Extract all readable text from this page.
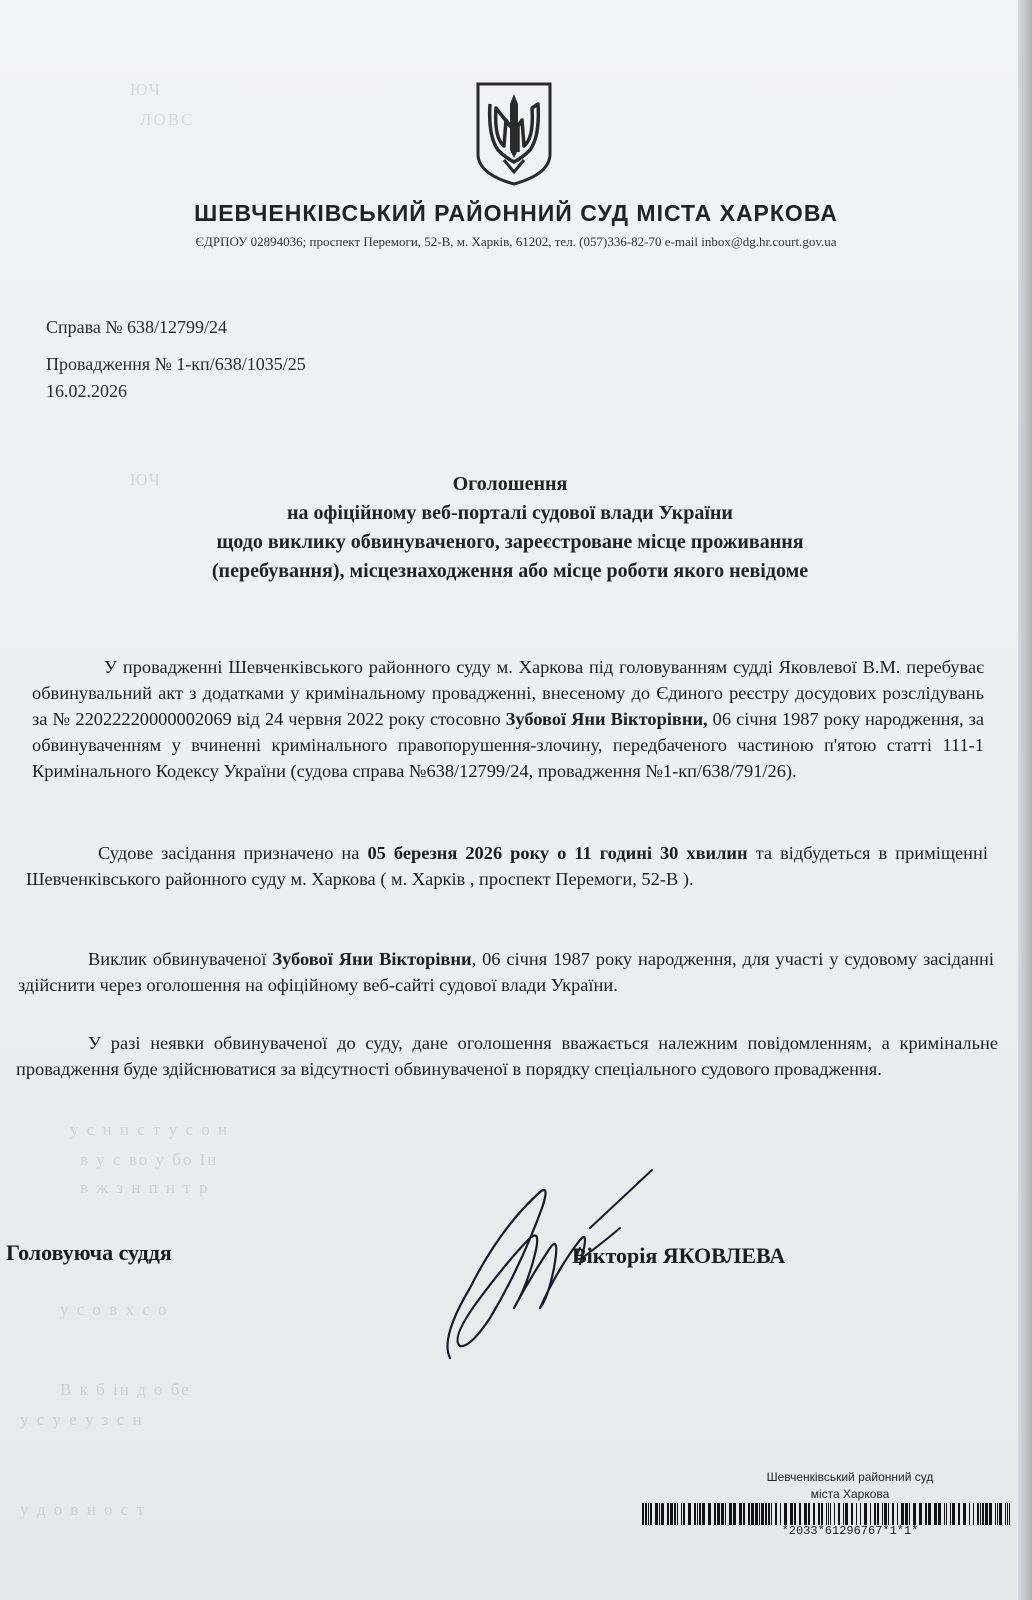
ЮЧ
ЛОВС
ЮЧ
у с н п с т у с о н
в у с во у бо Ін
в ж з н п н т р
у с о в х с о
В к б ін д о бе
у с у е у з с н
у д о в н о с т
ШЕВЧЕНКІВСЬКИЙ РАЙОННИЙ СУД МІСТА ХАРКОВА
ЄДРПОУ 02894036; проспект Перемоги, 52-В, м. Харків, 61202, тел. (057)336-82-70 e-mail inbox@dg.hr.court.gov.ua
Справа № 638/12799/24
Провадження № 1-кп/638/1035/25
16.02.2026
Оголошення
на офіційному веб-порталі судової влади України
щодо виклику обвинуваченого, зареєстроване місце проживання
(перебування), місцезнаходження або місце роботи якого невідоме
У провадженні Шевченківського районного суду м. Харкова під головуванням судді Яковлевої В.М. перебуває обвинувальний акт з додатками у кримінальному провадженні, внесеному до Єдиного реєстру досудових розслідувань за № 22022220000002069 від 24 червня 2022 року стосовно Зубової Яни Вікторівни, 06 січня 1987 року народження, за обвинуваченням у вчиненні кримінального правопорушення-злочину, передбаченого частиною п'ятою статті 111-1 Кримінального Кодексу України (судова справа №638/12799/24, провадження №1-кп/638/791/26).
Судове засідання призначено на 05 березня 2026 року о 11 годині 30 хвилин та відбудеться в приміщенні Шевченківського районного суду м. Харкова ( м. Харків , проспект Перемоги, 52-В ).
Виклик обвинуваченої Зубової Яни Вікторівни, 06 січня 1987 року народження, для участі у судовому засіданні здійснити через оголошення на офіційному веб-сайті судової влади України.
У разі неявки обвинуваченої до суду, дане оголошення вважається належним повідомленням, а кримінальне провадження буде здійснюватися за відсутності обвинуваченої в порядку спеціального судового провадження.
Головуюча суддя	Вікторія ЯКОВЛЕВА
Шевченківський районний суд
міста Харкова
*2033*61296767*1*1*
